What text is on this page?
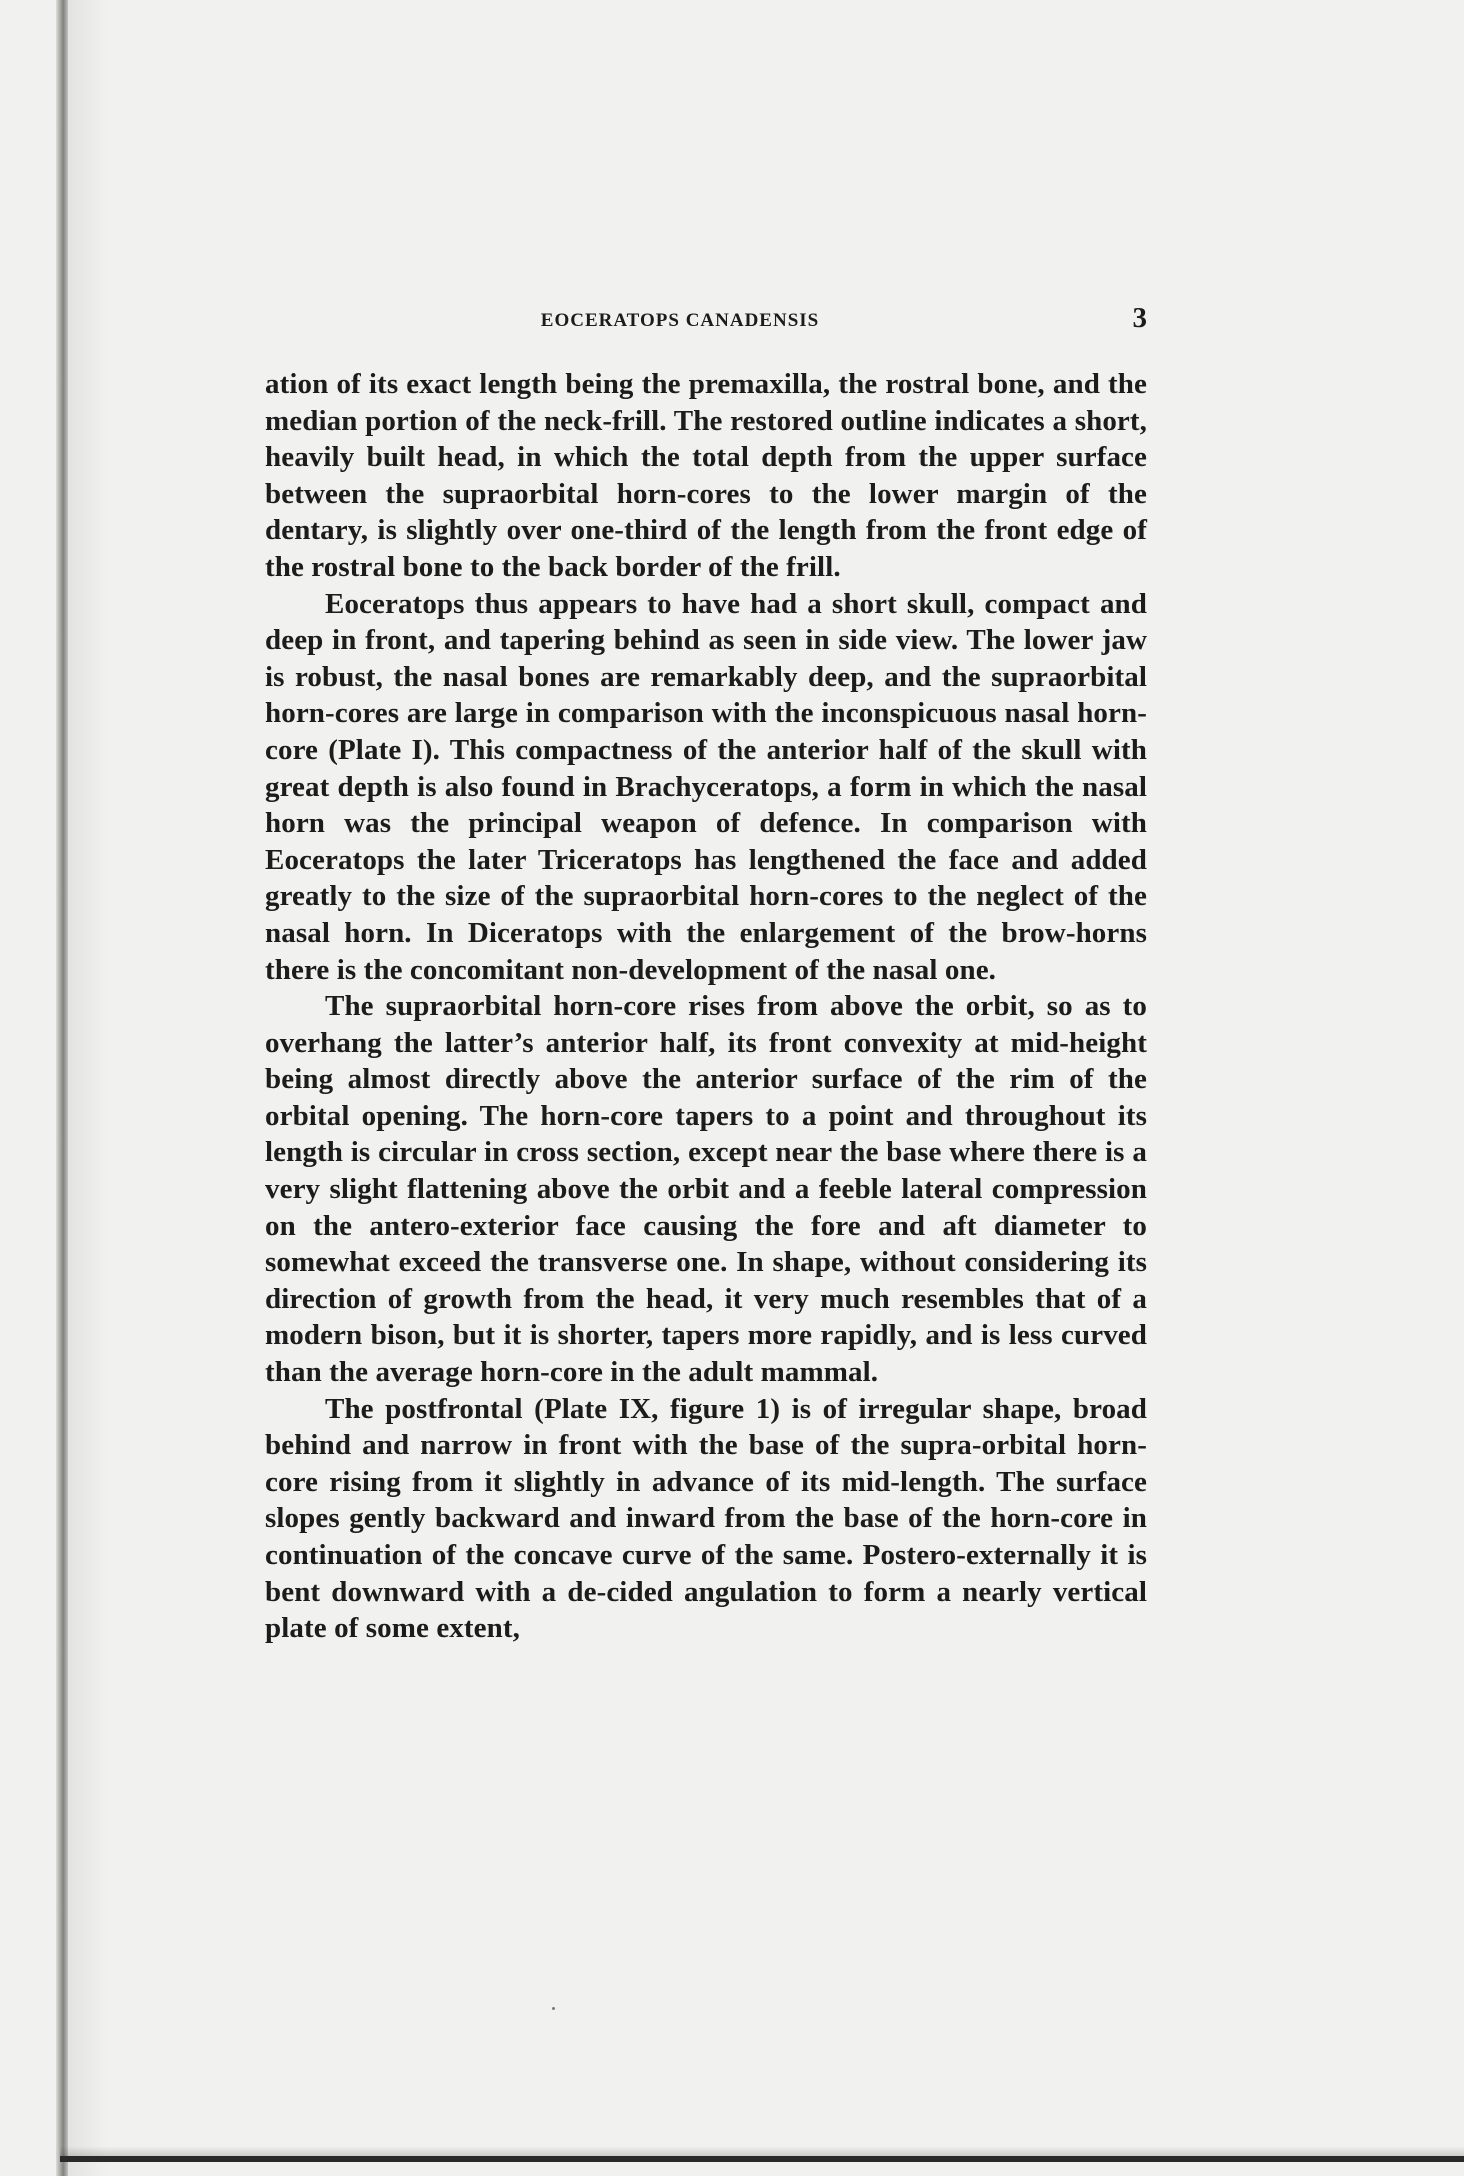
EOCERATOPS CANADENSIS	3

ation of its exact length being the premaxilla, the rostral bone, and the median portion of the neck-frill. The restored outline indicates a short, heavily built head, in which the total depth from the upper surface between the supraorbital horn-cores to the lower margin of the dentary, is slightly over one-third of the length from the front edge of the rostral bone to the back border of the frill.

Eoceratops thus appears to have had a short skull, compact and deep in front, and tapering behind as seen in side view. The lower jaw is robust, the nasal bones are remarkably deep, and the supraorbital horn-cores are large in comparison with the inconspicuous nasal horn-core (Plate I). This compactness of the anterior half of the skull with great depth is also found in Brachyceratops, a form in which the nasal horn was the principal weapon of defence. In comparison with Eoceratops the later Triceratops has lengthened the face and added greatly to the size of the supraorbital horn-cores to the neglect of the nasal horn. In Diceratops with the enlargement of the brow-horns there is the concomitant non-development of the nasal one.

The supraorbital horn-core rises from above the orbit, so as to overhang the latter’s anterior half, its front convexity at mid-height being almost directly above the anterior surface of the rim of the orbital opening. The horn-core tapers to a point and throughout its length is circular in cross section, except near the base where there is a very slight flattening above the orbit and a feeble lateral compression on the antero-exterior face causing the fore and aft diameter to somewhat exceed the transverse one. In shape, without considering its direction of growth from the head, it very much resembles that of a modern bison, but it is shorter, tapers more rapidly, and is less curved than the average horn-core in the adult mammal.

The postfrontal (Plate IX, figure 1) is of irregular shape, broad behind and narrow in front with the base of the supra-orbital horn-core rising from it slightly in advance of its mid-length. The surface slopes gently backward and inward from the base of the horn-core in continuation of the concave curve of the same. Postero-externally it is bent downward with a de-cided angulation to form a nearly vertical plate of some extent,
